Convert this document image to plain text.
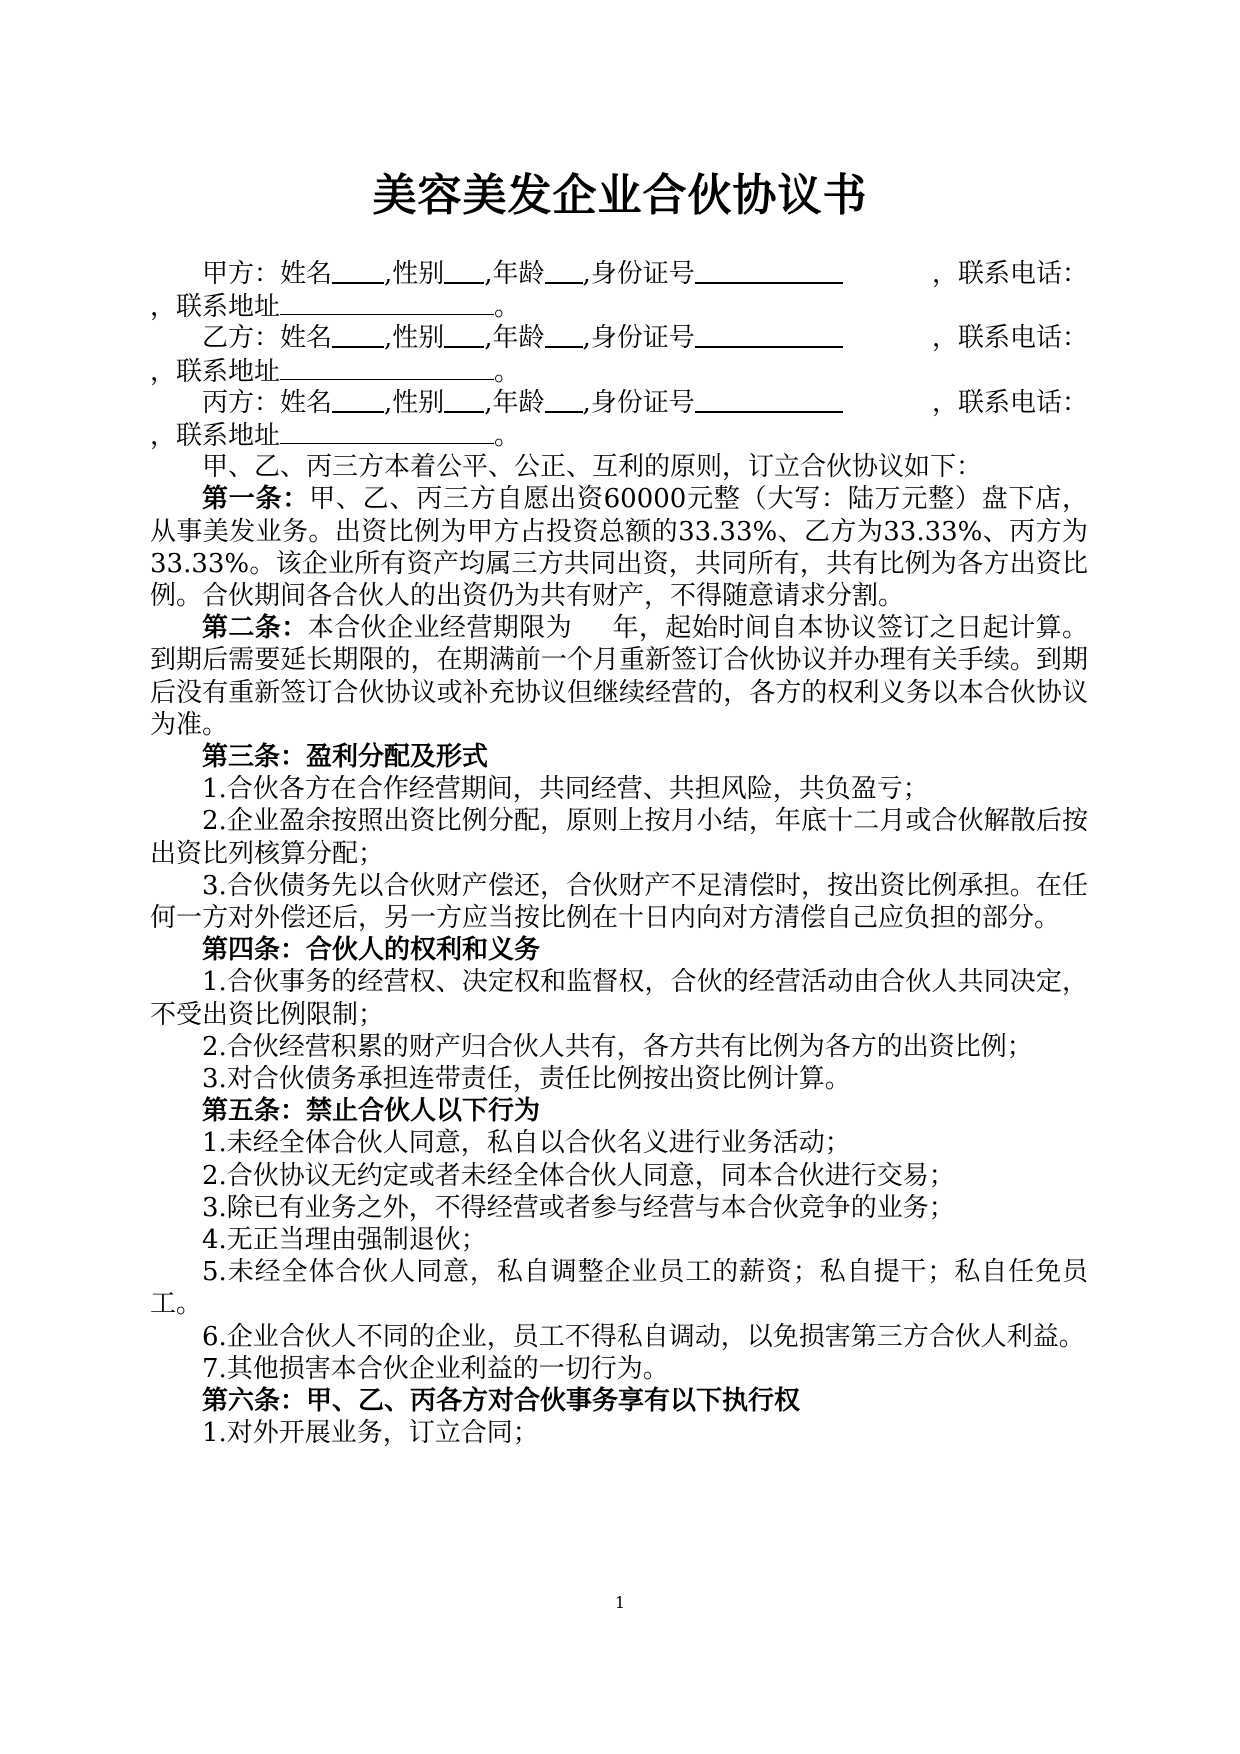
美容美发企业合伙协议书
甲方：姓名 ,性别 ,年龄 ,身份证号	，联系电话：
，联系地址	。
乙方：姓名 ,性别 ,年龄 ,身份证号	，联系电话：
，联系地址	。
丙方：姓名 ,性别 ,年龄 ,身份证号	，联系电话：
，联系地址	。

甲、乙、丙三方本着公平、公正、互利的原则，订立合伙协议如下：

第一条：甲、乙、丙三方自愿出资60000元整（大写：陆万元整）盘下店，从事美发业务。出资比例为甲方占投资总额的33.33%、乙方为33.33%、丙方为33.33%。该企业所有资产均属三方共同出资，共同所有，共有比例为各方出资比例。合伙期间各合伙人的出资仍为共有财产，不得随意请求分割。

第二条：本合伙企业经营期限为 年，起始时间自本协议签订之日起计算。到期后需要延长期限的，在期满前一个月重新签订合伙协议并办理有关手续。到期后没有重新签订合伙协议或补充协议但继续经营的，各方的权利义务以本合伙协议为准。

第三条：盈利分配及形式

1.合伙各方在合作经营期间，共同经营、共担风险，共负盈亏；

2.企业盈余按照出资比例分配，原则上按月小结，年底十二月或合伙解散后按出资比列核算分配；

3.合伙债务先以合伙财产偿还，合伙财产不足清偿时，按出资比例承担。在任何一方对外偿还后，另一方应当按比例在十日内向对方清偿自己应负担的部分。

第四条：合伙人的权利和义务

1.合伙事务的经营权、决定权和监督权，合伙的经营活动由合伙人共同决定，不受出资比例限制；

2.合伙经营积累的财产归合伙人共有，各方共有比例为各方的出资比例；

3.对合伙债务承担连带责任，责任比例按出资比例计算。

第五条：禁止合伙人以下行为

1.未经全体合伙人同意，私自以合伙名义进行业务活动；

2.合伙协议无约定或者未经全体合伙人同意，同本合伙进行交易；

3.除已有业务之外，不得经营或者参与经营与本合伙竞争的业务；

4.无正当理由强制退伙；

5.未经全体合伙人同意，私自调整企业员工的薪资；私自提干；私自任免员工。

6.企业合伙人不同的企业，员工不得私自调动，以免损害第三方合伙人利益。

7.其他损害本合伙企业利益的一切行为。

第六条：甲、乙、丙各方对合伙事务享有以下执行权

1.对外开展业务，订立合同；

1
